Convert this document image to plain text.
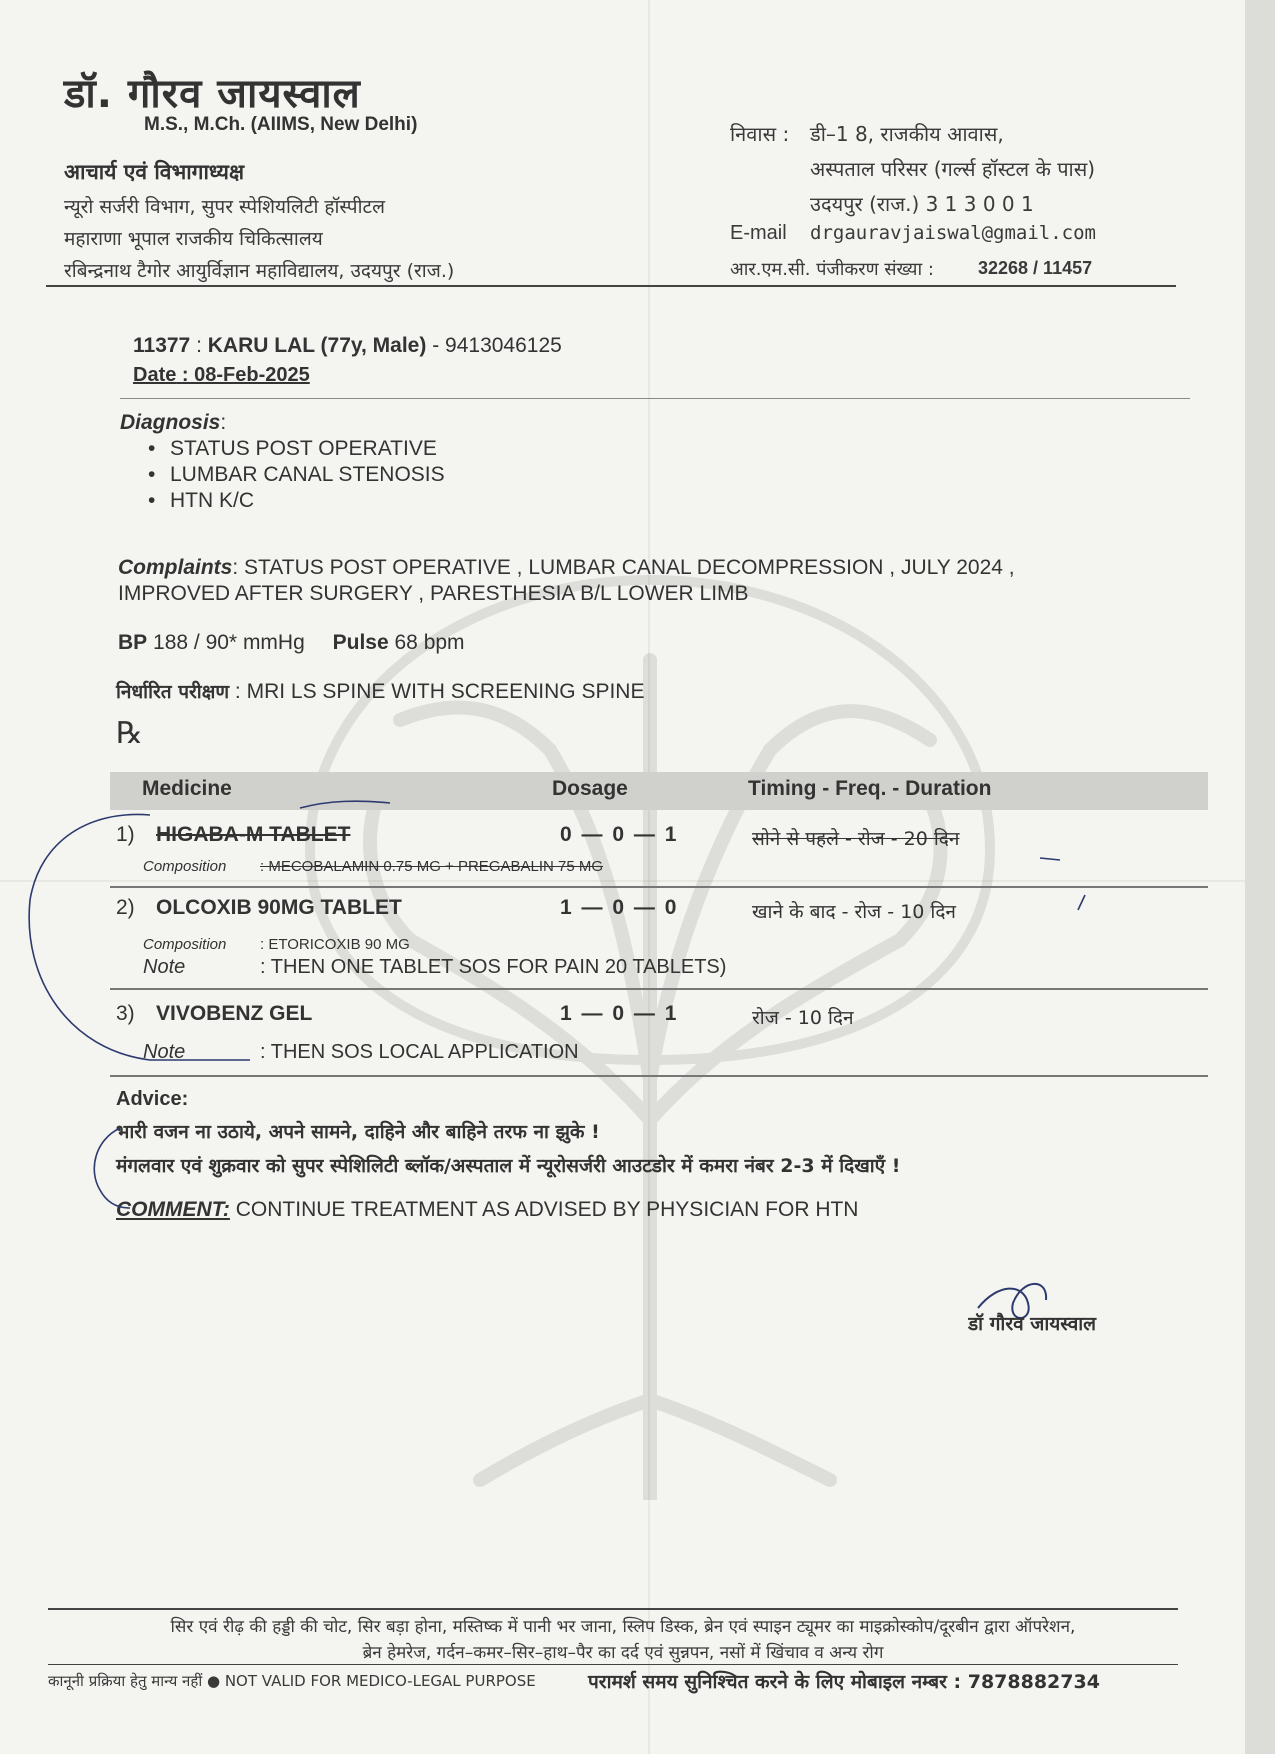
डॉ. गौरव जायस्वाल
M.S., M.Ch. (AIIMS, New Delhi)
आचार्य एवं विभागाध्यक्ष
न्यूरो सर्जरी विभाग, सुपर स्पेशियलिटी हॉस्पीटल
महाराणा भूपाल राजकीय चिकित्सालय
रबिन्द्रनाथ टैगोर आयुर्विज्ञान महाविद्यालय, उदयपुर (राज.)
निवास : डी–1 8, राजकीय आवास,
अस्पताल परिसर (गर्ल्स हॉस्टल के पास)
उदयपुर (राज.) 3 1 3 0 0 1
E-mail drgauravjaiswal@gmail.com
आर.एम.सी. पंजीकरण संख्या : 32268 / 11457
11377 : KARU LAL (77y, Male) - 9413046125
Date : 08-Feb-2025
Diagnosis:
• STATUS POST OPERATIVE
• LUMBAR CANAL STENOSIS
• HTN K/C
Complaints: STATUS POST OPERATIVE , LUMBAR CANAL DECOMPRESSION , JULY 2024 ,
IMPROVED AFTER SURGERY , PARESTHESIA B/L LOWER LIMB
BP 188 / 90* mmHg Pulse 68 bpm
निर्धारित परीक्षण : MRI LS SPINE WITH SCREENING SPINE
℞
Medicine	Dosage	Timing - Freq. - Duration
1) HIGABA-M TABLET	0 — 0 — 1	सोने से पहले - रोज - 20 दिन
Composition : MECOBALAMIN 0.75 MG + PREGABALIN 75 MG
2) OLCOXIB 90MG TABLET	1 — 0 — 0	खाने के बाद - रोज - 10 दिन
Composition : ETORICOXIB 90 MG
Note	: THEN ONE TABLET SOS FOR PAIN 20 TABLETS)
3) VIVOBENZ GEL	1 — 0 — 1	रोज - 10 दिन
Note	: THEN SOS LOCAL APPLICATION
Advice:
भारी वजन ना उठाये, अपने सामने, दाहिने और बाहिने तरफ ना झुके !
मंगलवार एवं शुक्रवार को सुपर स्पेशिलिटी ब्लॉक/अस्पताल में न्यूरोसर्जरी आउटडोर में कमरा नंबर 2-3 में दिखाएँ !
COMMENT: CONTINUE TREATMENT AS ADVISED BY PHYSICIAN FOR HTN
डॉ गौरव जायस्वाल
सिर एवं रीढ़ की हड्डी की चोट, सिर बड़ा होना, मस्तिष्क में पानी भर जाना, स्लिप डिस्क, ब्रेन एवं स्पाइन ट्यूमर का माइक्रोस्कोप/दूरबीन द्वारा ऑपरेशन,
ब्रेन हेमरेज, गर्दन–कमर–सिर–हाथ–पैर का दर्द एवं सुन्नपन, नसों में खिंचाव व अन्य रोग
कानूनी प्रक्रिया हेतु मान्य नहीं ● NOT VALID FOR MEDICO-LEGAL PURPOSE	परामर्श समय सुनिश्चित करने के लिए मोबाइल नम्बर : 7878882734
